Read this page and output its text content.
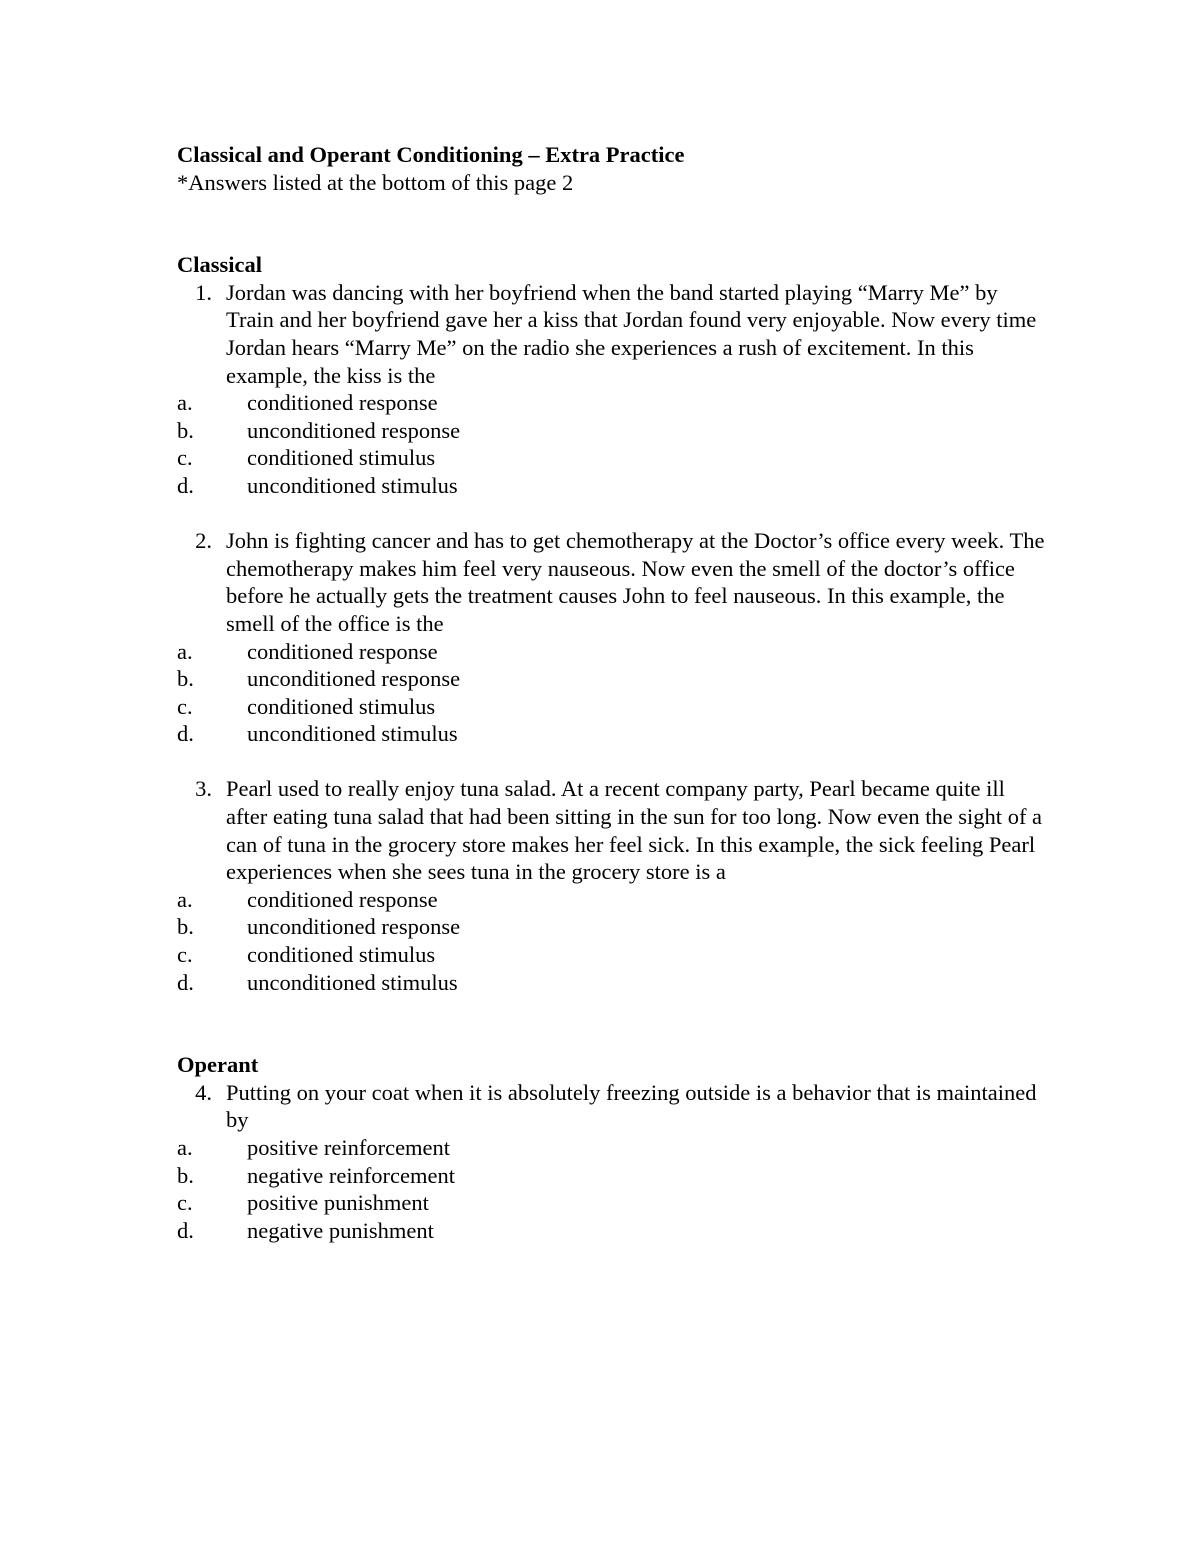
Classical and Operant Conditioning – Extra Practice

*Answers listed at the bottom of this page 2

Classical

1. Jordan was dancing with her boyfriend when the band started playing “Marry Me” by Train and her boyfriend gave her a kiss that Jordan found very enjoyable. Now every time Jordan hears “Marry Me” on the radio she experiences a rush of excitement. In this example, the kiss is the
a.	conditioned response
b.	unconditioned response
c.	conditioned stimulus
d.	unconditioned stimulus
2. John is fighting cancer and has to get chemotherapy at the Doctor’s office every week. The chemotherapy makes him feel very nauseous. Now even the smell of the doctor’s office before he actually gets the treatment causes John to feel nauseous. In this example, the smell of the office is the
a.	conditioned response
b.	unconditioned response
c.	conditioned stimulus
d.	unconditioned stimulus
3. Pearl used to really enjoy tuna salad. At a recent company party, Pearl became quite ill after eating tuna salad that had been sitting in the sun for too long. Now even the sight of a can of tuna in the grocery store makes her feel sick. In this example, the sick feeling Pearl experiences when she sees tuna in the grocery store is a
a.	conditioned response
b.	unconditioned response
c.	conditioned stimulus
d.	unconditioned stimulus

Operant

4. Putting on your coat when it is absolutely freezing outside is a behavior that is maintained by
a.	positive reinforcement
b.	negative reinforcement
c.	positive punishment
d.	negative punishment
